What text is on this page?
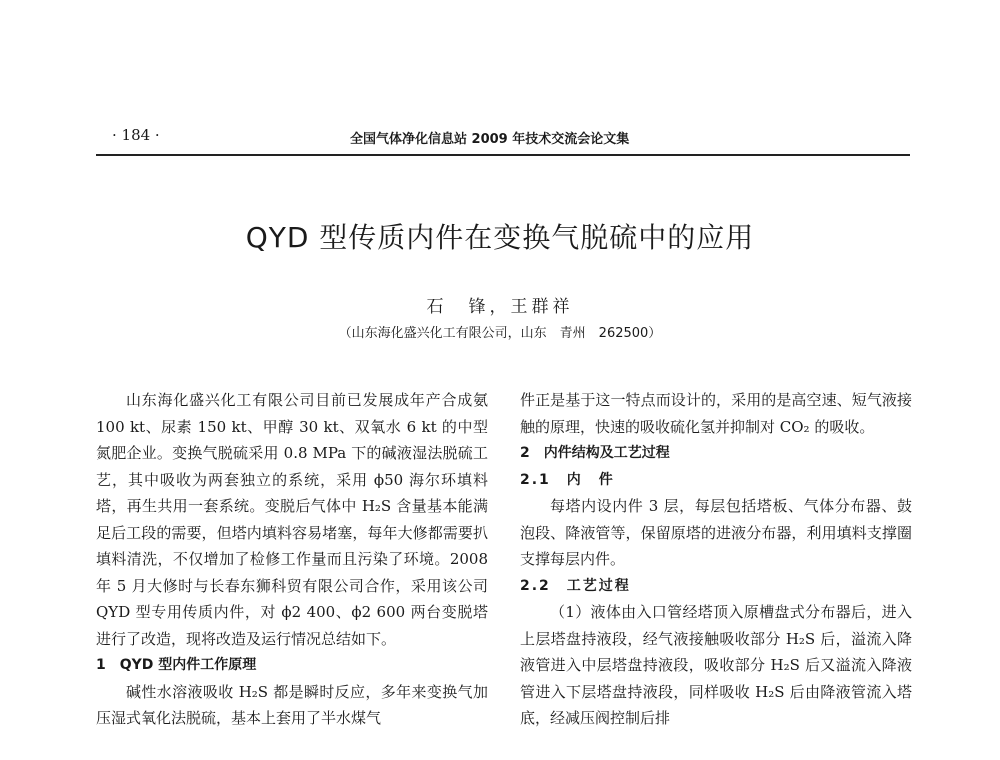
· 184 ·	全国气体净化信息站 2009 年技术交流会论文集
QYD 型传质内件在变换气脱硫中的应用
石　锋，王群祥
（山东海化盛兴化工有限公司，山东　青州　262500）

山东海化盛兴化工有限公司目前已发展成年产合成氨 100 kt、尿素 150 kt、甲醇 30 kt、双氧水 6 kt 的中型氮肥企业。变换气脱硫采用 0.8 MPa 下的碱液湿法脱硫工艺，其中吸收为两套独立的系统，采用 ϕ50 海尔环填料塔，再生共用一套系统。变脱后气体中 H₂S 含量基本能满足后工段的需要，但塔内填料容易堵塞，每年大修都需要扒填料清洗，不仅增加了检修工作量而且污染了环境。2008 年 5 月大修时与长春东狮科贸有限公司合作，采用该公司 QYD 型专用传质内件，对 ϕ2 400、ϕ2 600 两台变脱塔进行了改造，现将改造及运行情况总结如下。

1　QYD 型内件工作原理

碱性水溶液吸收 H₂S 都是瞬时反应，多年来变换气加压湿式氧化法脱硫，基本上套用了半水煤气

件正是基于这一特点而设计的，采用的是高空速、短气液接触的原理，快速的吸收硫化氢并抑制对 CO₂ 的吸收。

2　内件结构及工艺过程

2.1　内　件

每塔内设内件 3 层，每层包括塔板、气体分布器、鼓泡段、降液管等，保留原塔的进液分布器，利用填料支撑圈支撑每层内件。

2.2　工艺过程

（1）液体由入口管经塔顶入原槽盘式分布器后，进入上层塔盘持液段，经气液接触吸收部分 H₂S 后，溢流入降液管进入中层塔盘持液段，吸收部分 H₂S 后又溢流入降液管进入下层塔盘持液段，同样吸收 H₂S 后由降液管流入塔底，经减压阀控制后排
